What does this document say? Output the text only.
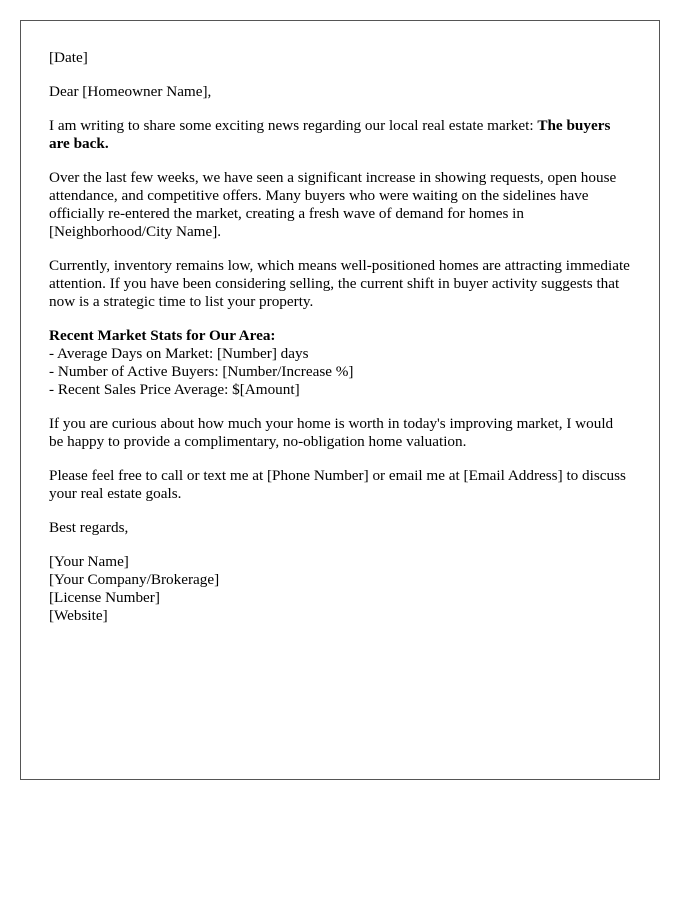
[Date]

Dear [Homeowner Name],

I am writing to share some exciting news regarding our local real estate market: The buyers are back.

Over the last few weeks, we have seen a significant increase in showing requests, open house attendance, and competitive offers. Many buyers who were waiting on the sidelines have officially re-entered the market, creating a fresh wave of demand for homes in [Neighborhood/City Name].

Currently, inventory remains low, which means well-positioned homes are attracting immediate attention. If you have been considering selling, the current shift in buyer activity suggests that now is a strategic time to list your property.

Recent Market Stats for Our Area:
- Average Days on Market: [Number] days
- Number of Active Buyers: [Number/Increase %]
- Recent Sales Price Average: $[Amount]

If you are curious about how much your home is worth in today's improving market, I would be happy to provide a complimentary, no-obligation home valuation.

Please feel free to call or text me at [Phone Number] or email me at [Email Address] to discuss your real estate goals.

Best regards,

[Your Name]
[Your Company/Brokerage]
[License Number]
[Website]
